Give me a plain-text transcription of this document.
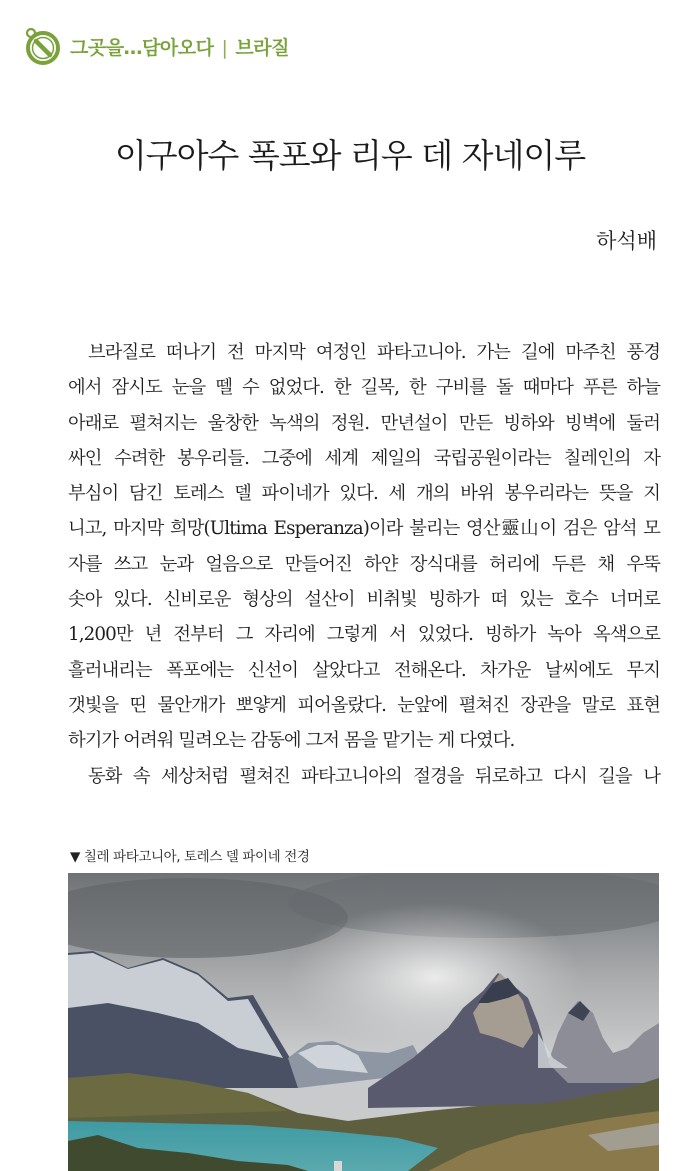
그곳을…담아오다 | 브라질
이구아수 폭포와 리우 데 자네이루
하석배
브라질로 떠나기 전 마지막 여정인 파타고니아. 가는 길에 마주친 풍경
에서 잠시도 눈을 뗄 수 없었다. 한 길목, 한 구비를 돌 때마다 푸른 하늘
아래로 펼쳐지는 울창한 녹색의 정원. 만년설이 만든 빙하와 빙벽에 둘러
싸인 수려한 봉우리들. 그중에 세계 제일의 국립공원이라는 칠레인의 자
부심이 담긴 토레스 델 파이네가 있다. 세 개의 바위 봉우리라는 뜻을 지
니고, 마지막 희망(Ultima Esperanza)이라 불리는 영산靈山이 검은 암석 모
자를 쓰고 눈과 얼음으로 만들어진 하얀 장식대를 허리에 두른 채 우뚝
솟아 있다. 신비로운 형상의 설산이 비취빛 빙하가 떠 있는 호수 너머로
1,200만 년 전부터 그 자리에 그렇게 서 있었다. 빙하가 녹아 옥색으로
흘러내리는 폭포에는 신선이 살았다고 전해온다. 차가운 날씨에도 무지
갯빛을 띤 물안개가 뽀얗게 피어올랐다. 눈앞에 펼쳐진 장관을 말로 표현
하기가 어려워 밀려오는 감동에 그저 몸을 맡기는 게 다였다.
동화 속 세상처럼 펼쳐진 파타고니아의 절경을 뒤로하고 다시 길을 나
▼ 칠레 파타고니아, 토레스 델 파이네 전경
